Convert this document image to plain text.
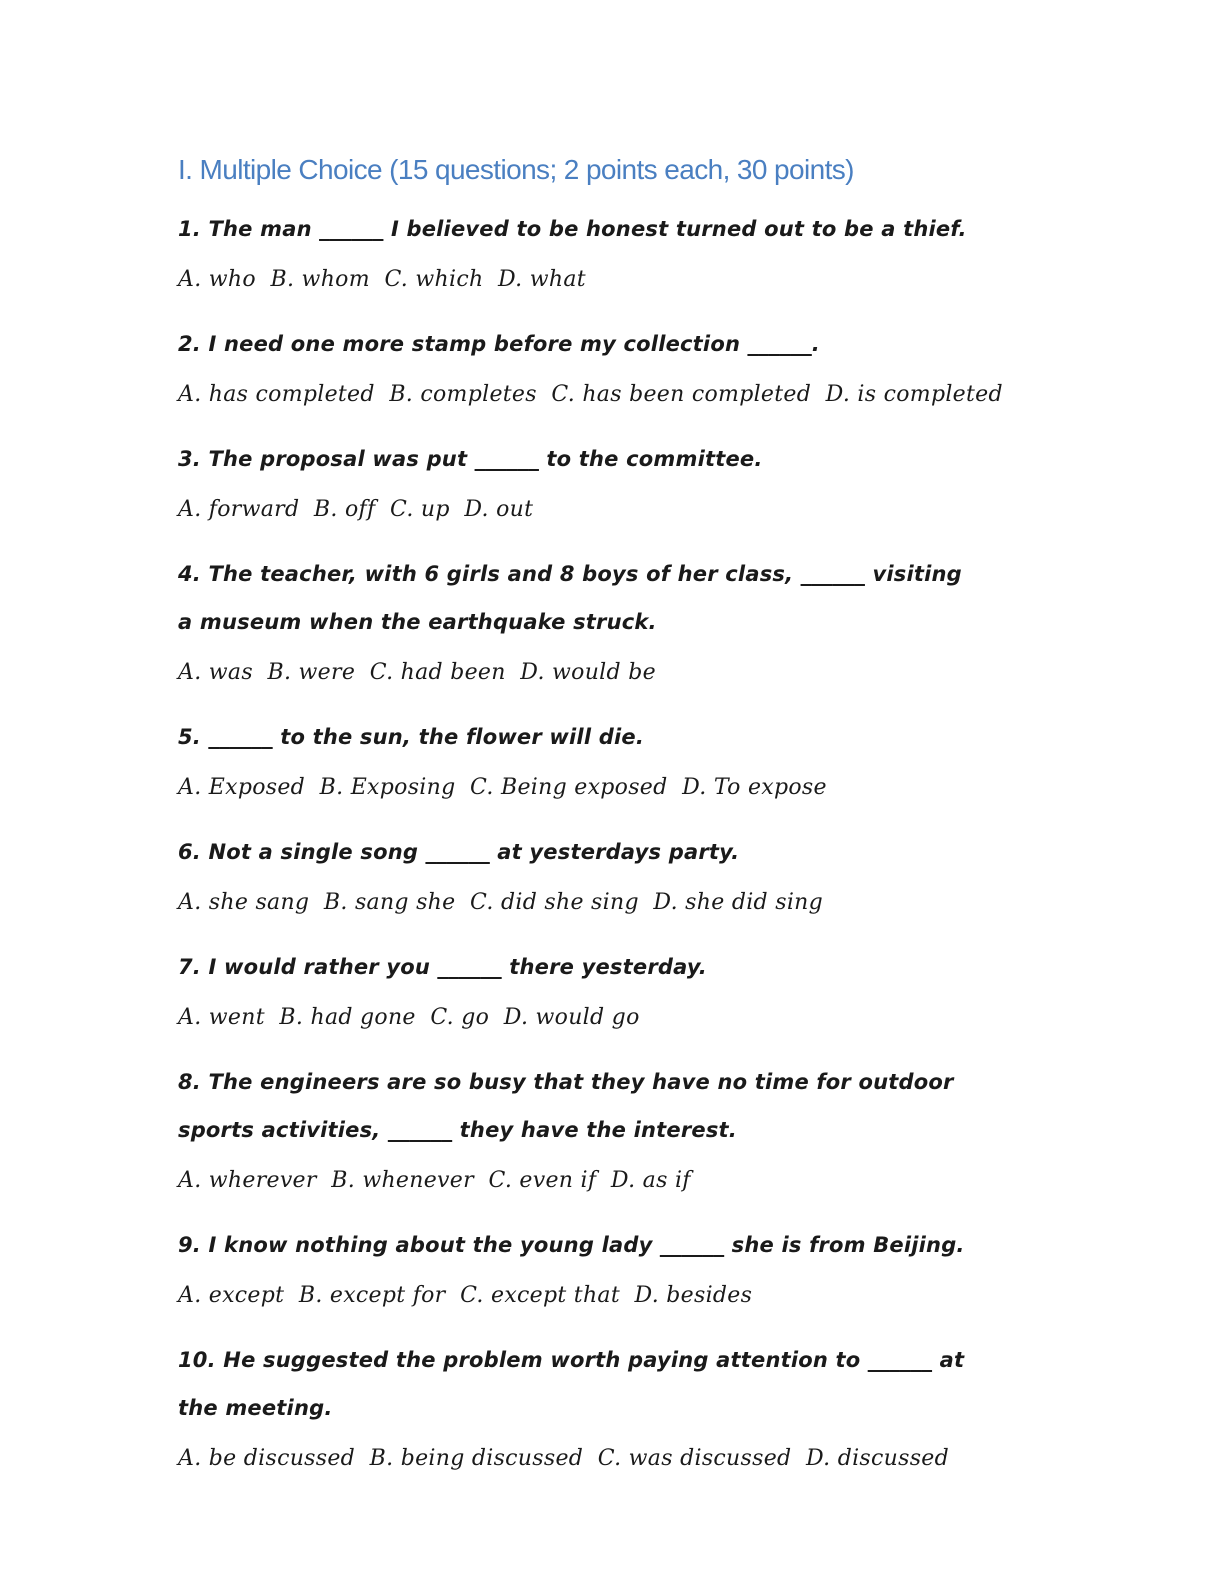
I. Multiple Choice (15 questions; 2 points each, 30 points)

1. The man ______ I believed to be honest turned out to be a thief.

A. who  B. whom  C. which  D. what

2. I need one more stamp before my collection ______.

A. has completed  B. completes  C. has been completed  D. is completed

3. The proposal was put ______ to the committee.

A. forward  B. off  C. up  D. out

4. The teacher, with 6 girls and 8 boys of her class, ______ visiting a museum when the earthquake struck.

A. was  B. were  C. had been  D. would be

5. ______ to the sun, the flower will die.

A. Exposed  B. Exposing  C. Being exposed  D. To expose

6. Not a single song ______ at yesterdays party.

A. she sang  B. sang she  C. did she sing  D. she did sing

7. I would rather you ______ there yesterday.

A. went  B. had gone  C. go  D. would go

8. The engineers are so busy that they have no time for outdoor sports activities, ______ they have the interest.

A. wherever  B. whenever  C. even if  D. as if

9. I know nothing about the young lady ______ she is from Beijing.

A. except  B. except for  C. except that  D. besides

10. He suggested the problem worth paying attention to ______ at the meeting.

A. be discussed  B. being discussed  C. was discussed  D. discussed
